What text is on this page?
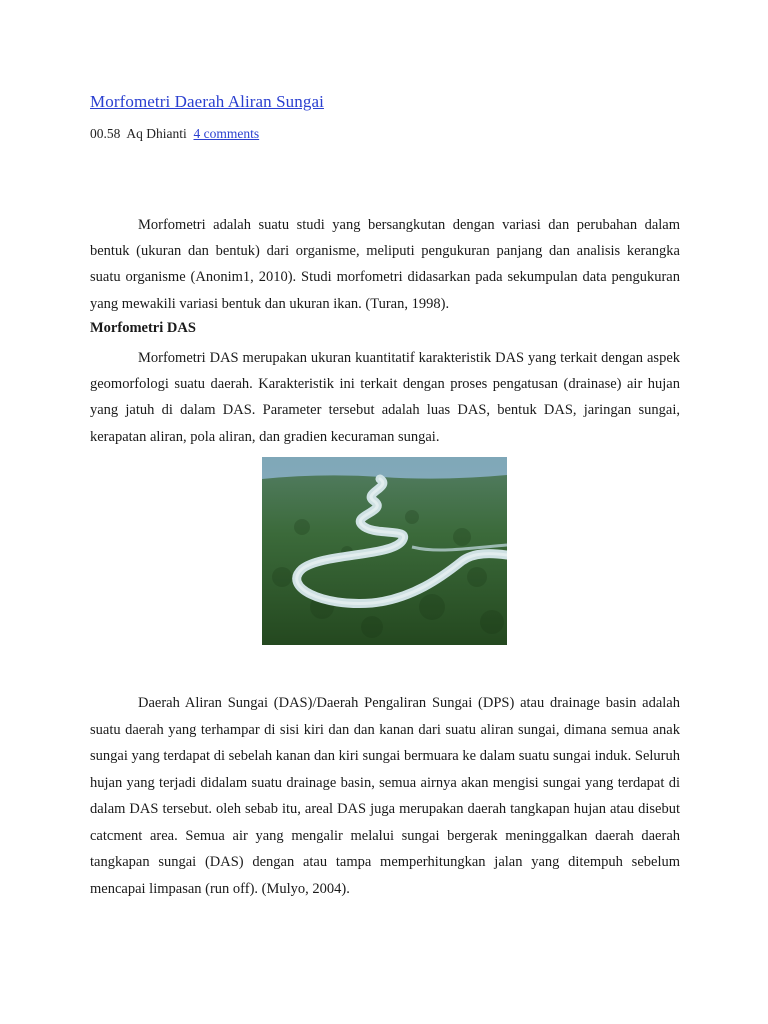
Morfometri Daerah Aliran Sungai
00.58 Aq Dhianti 4 comments

Morfometri adalah suatu studi yang bersangkutan dengan variasi dan perubahan dalam bentuk (ukuran dan bentuk) dari organisme, meliputi pengukuran panjang dan analisis kerangka suatu organisme (Anonim1, 2010). Studi morfometri didasarkan pada sekumpulan data pengukuran yang mewakili variasi bentuk dan ukuran ikan. (Turan, 1998).

Morfometri DAS

Morfometri DAS merupakan ukuran kuantitatif karakteristik DAS yang terkait dengan aspek geomorfologi suatu daerah. Karakteristik ini terkait dengan proses pengatusan (drainase) air hujan yang jatuh di dalam DAS. Parameter tersebut adalah luas DAS, bentuk DAS, jaringan sungai, kerapatan aliran, pola aliran, dan gradien kecuraman sungai.

Daerah Aliran Sungai (DAS)/Daerah Pengaliran Sungai (DPS) atau drainage basin adalah suatu daerah yang terhampar di sisi kiri dan dan kanan dari suatu aliran sungai, dimana semua anak sungai yang terdapat di sebelah kanan dan kiri sungai bermuara ke dalam suatu sungai induk. Seluruh hujan yang terjadi didalam suatu drainage basin, semua airnya akan mengisi sungai yang terdapat di dalam DAS tersebut. oleh sebab itu, areal DAS juga merupakan daerah tangkapan hujan atau disebut catcment area. Semua air yang mengalir melalui sungai bergerak meninggalkan daerah daerah tangkapan sungai (DAS) dengan atau tampa memperhitungkan jalan yang ditempuh sebelum mencapai limpasan (run off). (Mulyo, 2004).
